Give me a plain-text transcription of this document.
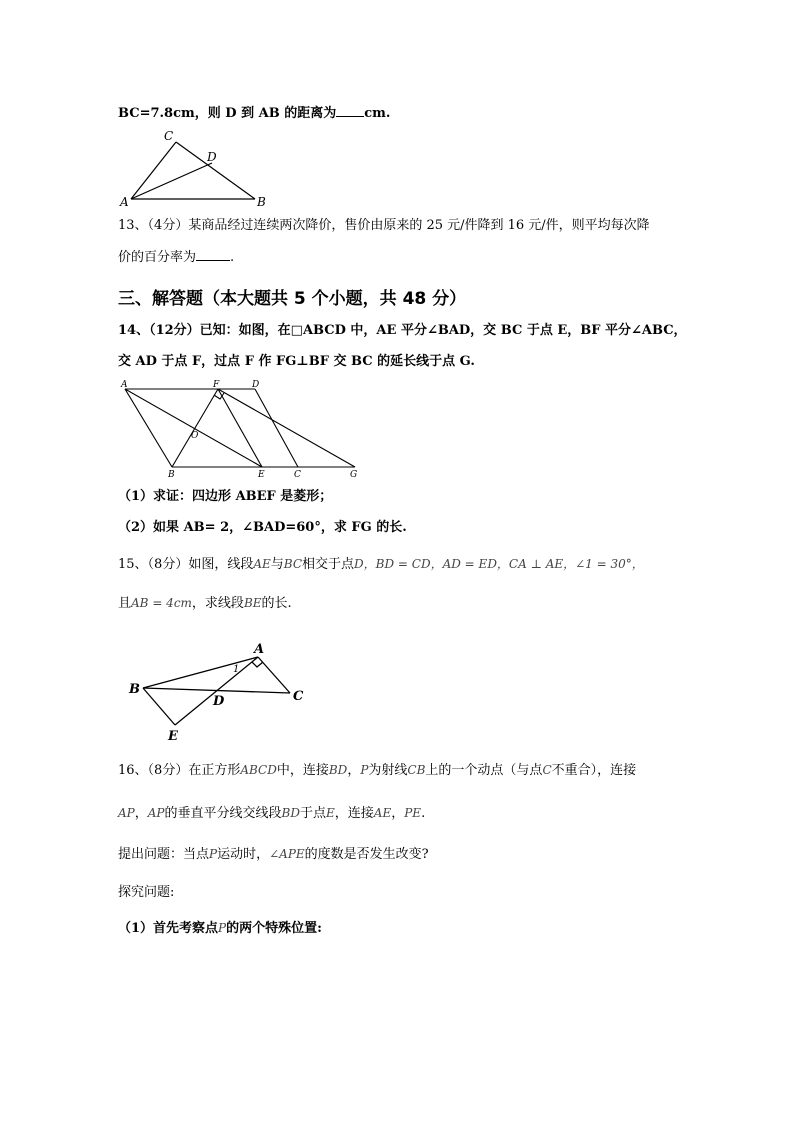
BC=7.8cm，则 D 到 AB 的距离为 cm.
C
D
A	B
13、（4分）某商品经过连续两次降价，售价由原来的 25 元/件降到 16 元/件，则平均每次降
价的百分率为	.
三、解答题（本大题共 5 个小题，共 48 分）
14、（12分）已知：如图，在□ABCD 中，AE 平分∠BAD，交 BC 于点 E，BF 平分∠ABC，
交 AD 于点 F，过点 F 作 FG⊥BF 交 BC 的延长线于点 G.
A	F	D
O
B	E	C	G
（1）求证：四边形 ABEF 是菱形；
（2）如果 AB= 2，∠BAD=60°，求 FG 的长.
15、（8分）如图，线段AE与BC相交于点D，BD = CD，AD = ED，CA ⊥ AE，∠1 = 30°，
且AB = 4cm，求线段BE的长.
A
1
B
D	C
E
16、（8分）在正方形ABCD中，连接BD，P为射线CB上的一个动点（与点C不重合），连接
AP，AP的垂直平分线交线段BD于点E，连接AE，PE.
提出问题：当点P运动时，∠APE的度数是否发生改变?
探究问题:
（1）首先考察点P的两个特殊位置:
